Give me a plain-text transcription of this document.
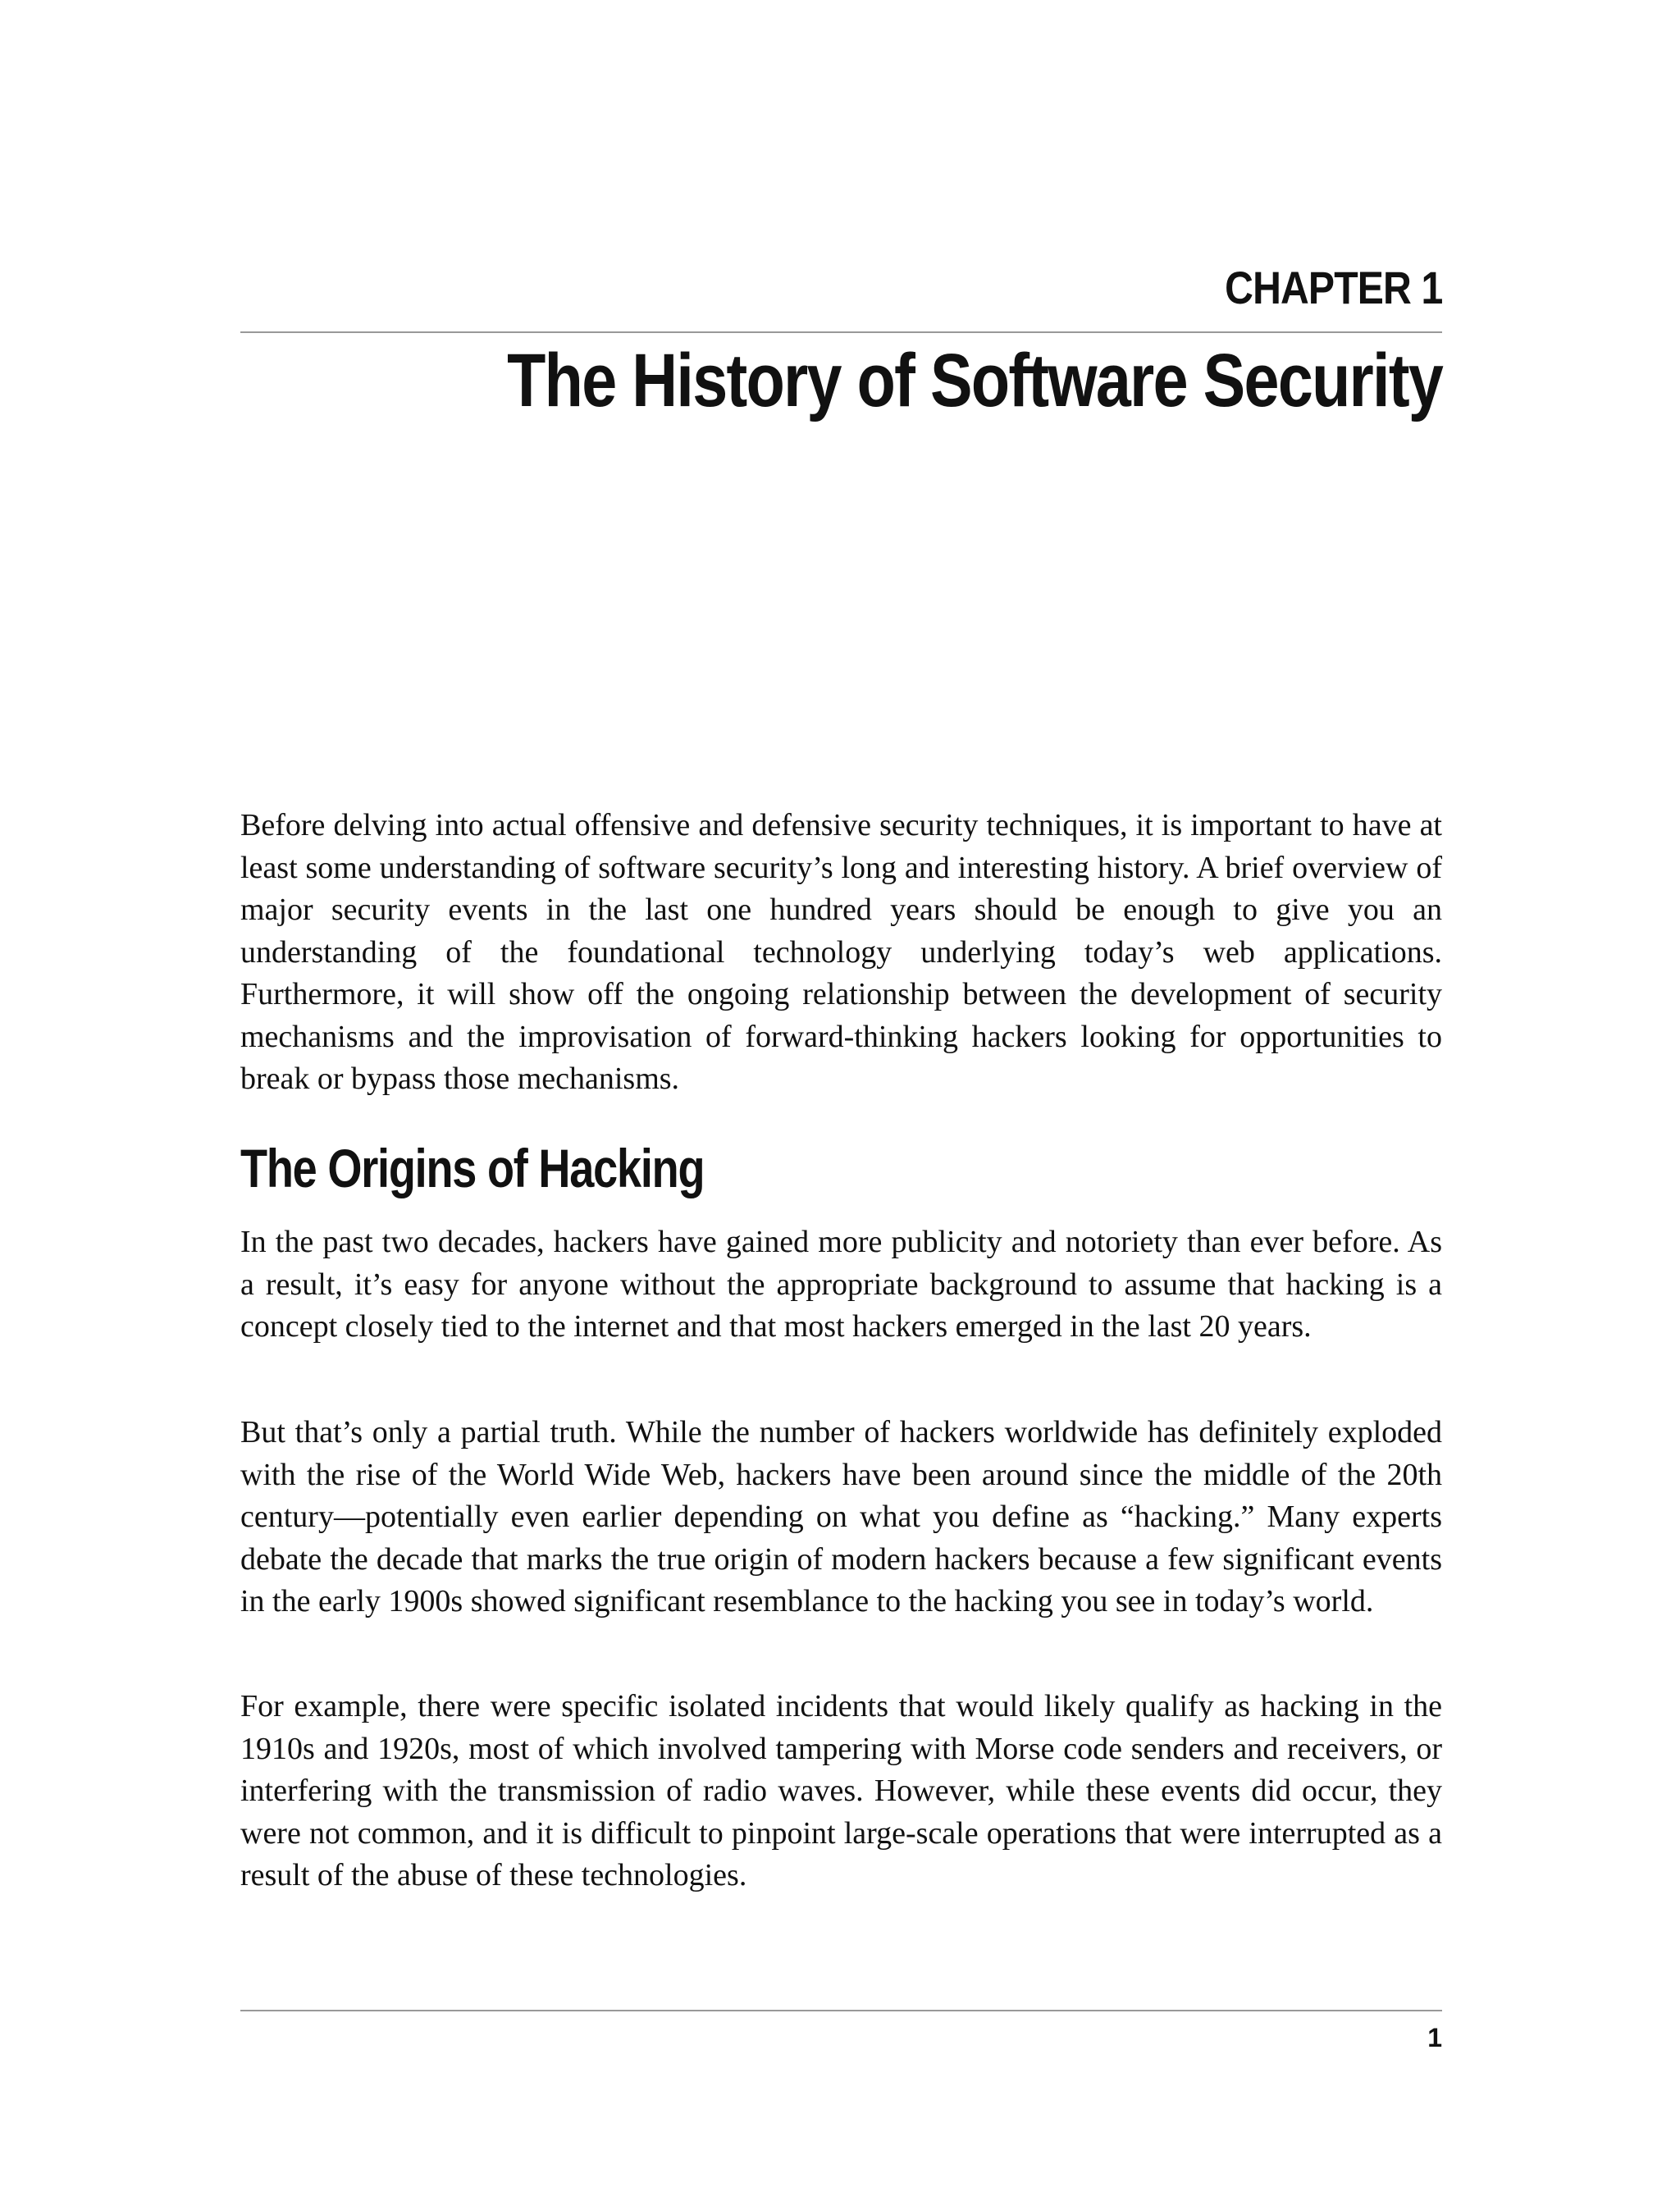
CHAPTER 1
The History of Software Security

Before delving into actual offensive and defensive security techniques, it is important to have at least some understanding of software security’s long and interesting history. A brief overview of major security events in the last one hundred years should be enough to give you an understanding of the foundational technology underlying today’s web applications. Furthermore, it will show off the ongoing relationship between the development of security mechanisms and the improvisation of forward-thinking hackers looking for opportunities to break or bypass those mechanisms.

The Origins of Hacking

In the past two decades, hackers have gained more publicity and notoriety than ever before. As a result, it’s easy for anyone without the appropriate background to assume that hacking is a concept closely tied to the internet and that most hackers emerged in the last 20 years.

But that’s only a partial truth. While the number of hackers worldwide has definitely exploded with the rise of the World Wide Web, hackers have been around since the middle of the 20th century—potentially even earlier depending on what you define as “hacking.” Many experts debate the decade that marks the true origin of modern hackers because a few significant events in the early 1900s showed significant resemblance to the hacking you see in today’s world.

For example, there were specific isolated incidents that would likely qualify as hacking in the 1910s and 1920s, most of which involved tampering with Morse code senders and receivers, or interfering with the transmission of radio waves. However, while these events did occur, they were not common, and it is difficult to pinpoint large-scale operations that were interrupted as a result of the abuse of these technologies.

1
